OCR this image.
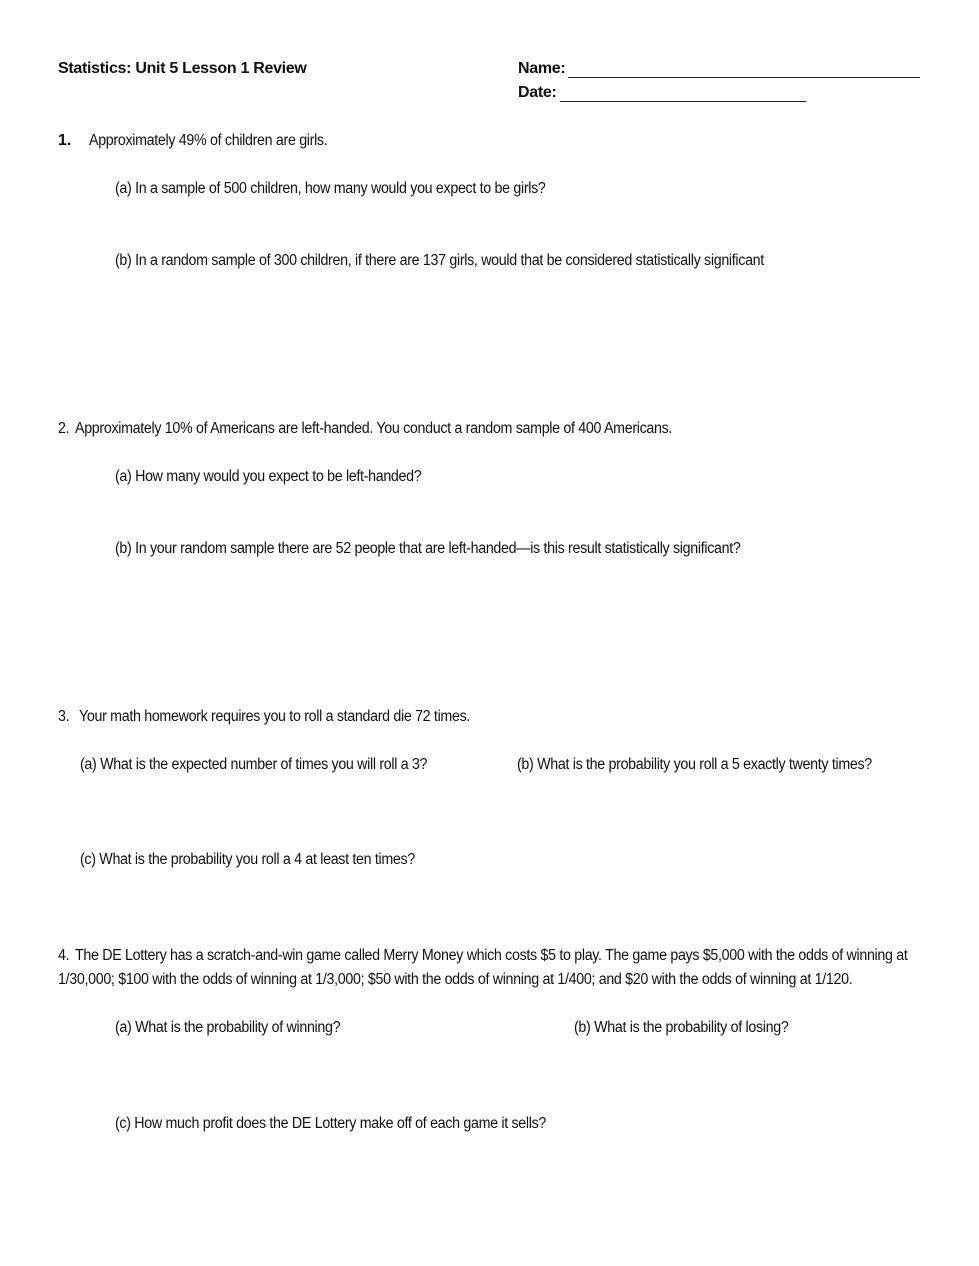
Statistics: Unit 5 Lesson 1 Review	Name:
Date:
1. Approximately 49% of children are girls.
(a) In a sample of 500 children, how many would you expect to be girls?
(b) In a random sample of 300 children, if there are 137 girls, would that be considered statistically significant
2. Approximately 10% of Americans are left-handed. You conduct a random sample of 400 Americans.
(a) How many would you expect to be left-handed?
(b) In your random sample there are 52 people that are left-handed—is this result statistically significant?
3. Your math homework requires you to roll a standard die 72 times.
(a) What is the expected number of times you will roll a 3?	(b) What is the probability you roll a 5 exactly twenty times?
(c) What is the probability you roll a 4 at least ten times?
4. The DE Lottery has a scratch-and-win game called Merry Money which costs $5 to play. The game pays $5,000 with the odds of winning at
1/30,000; $100 with the odds of winning at 1/3,000; $50 with the odds of winning at 1/400; and $20 with the odds of winning at 1/120.
(a) What is the probability of winning?	(b) What is the probability of losing?
(c) How much profit does the DE Lottery make off of each game it sells?
